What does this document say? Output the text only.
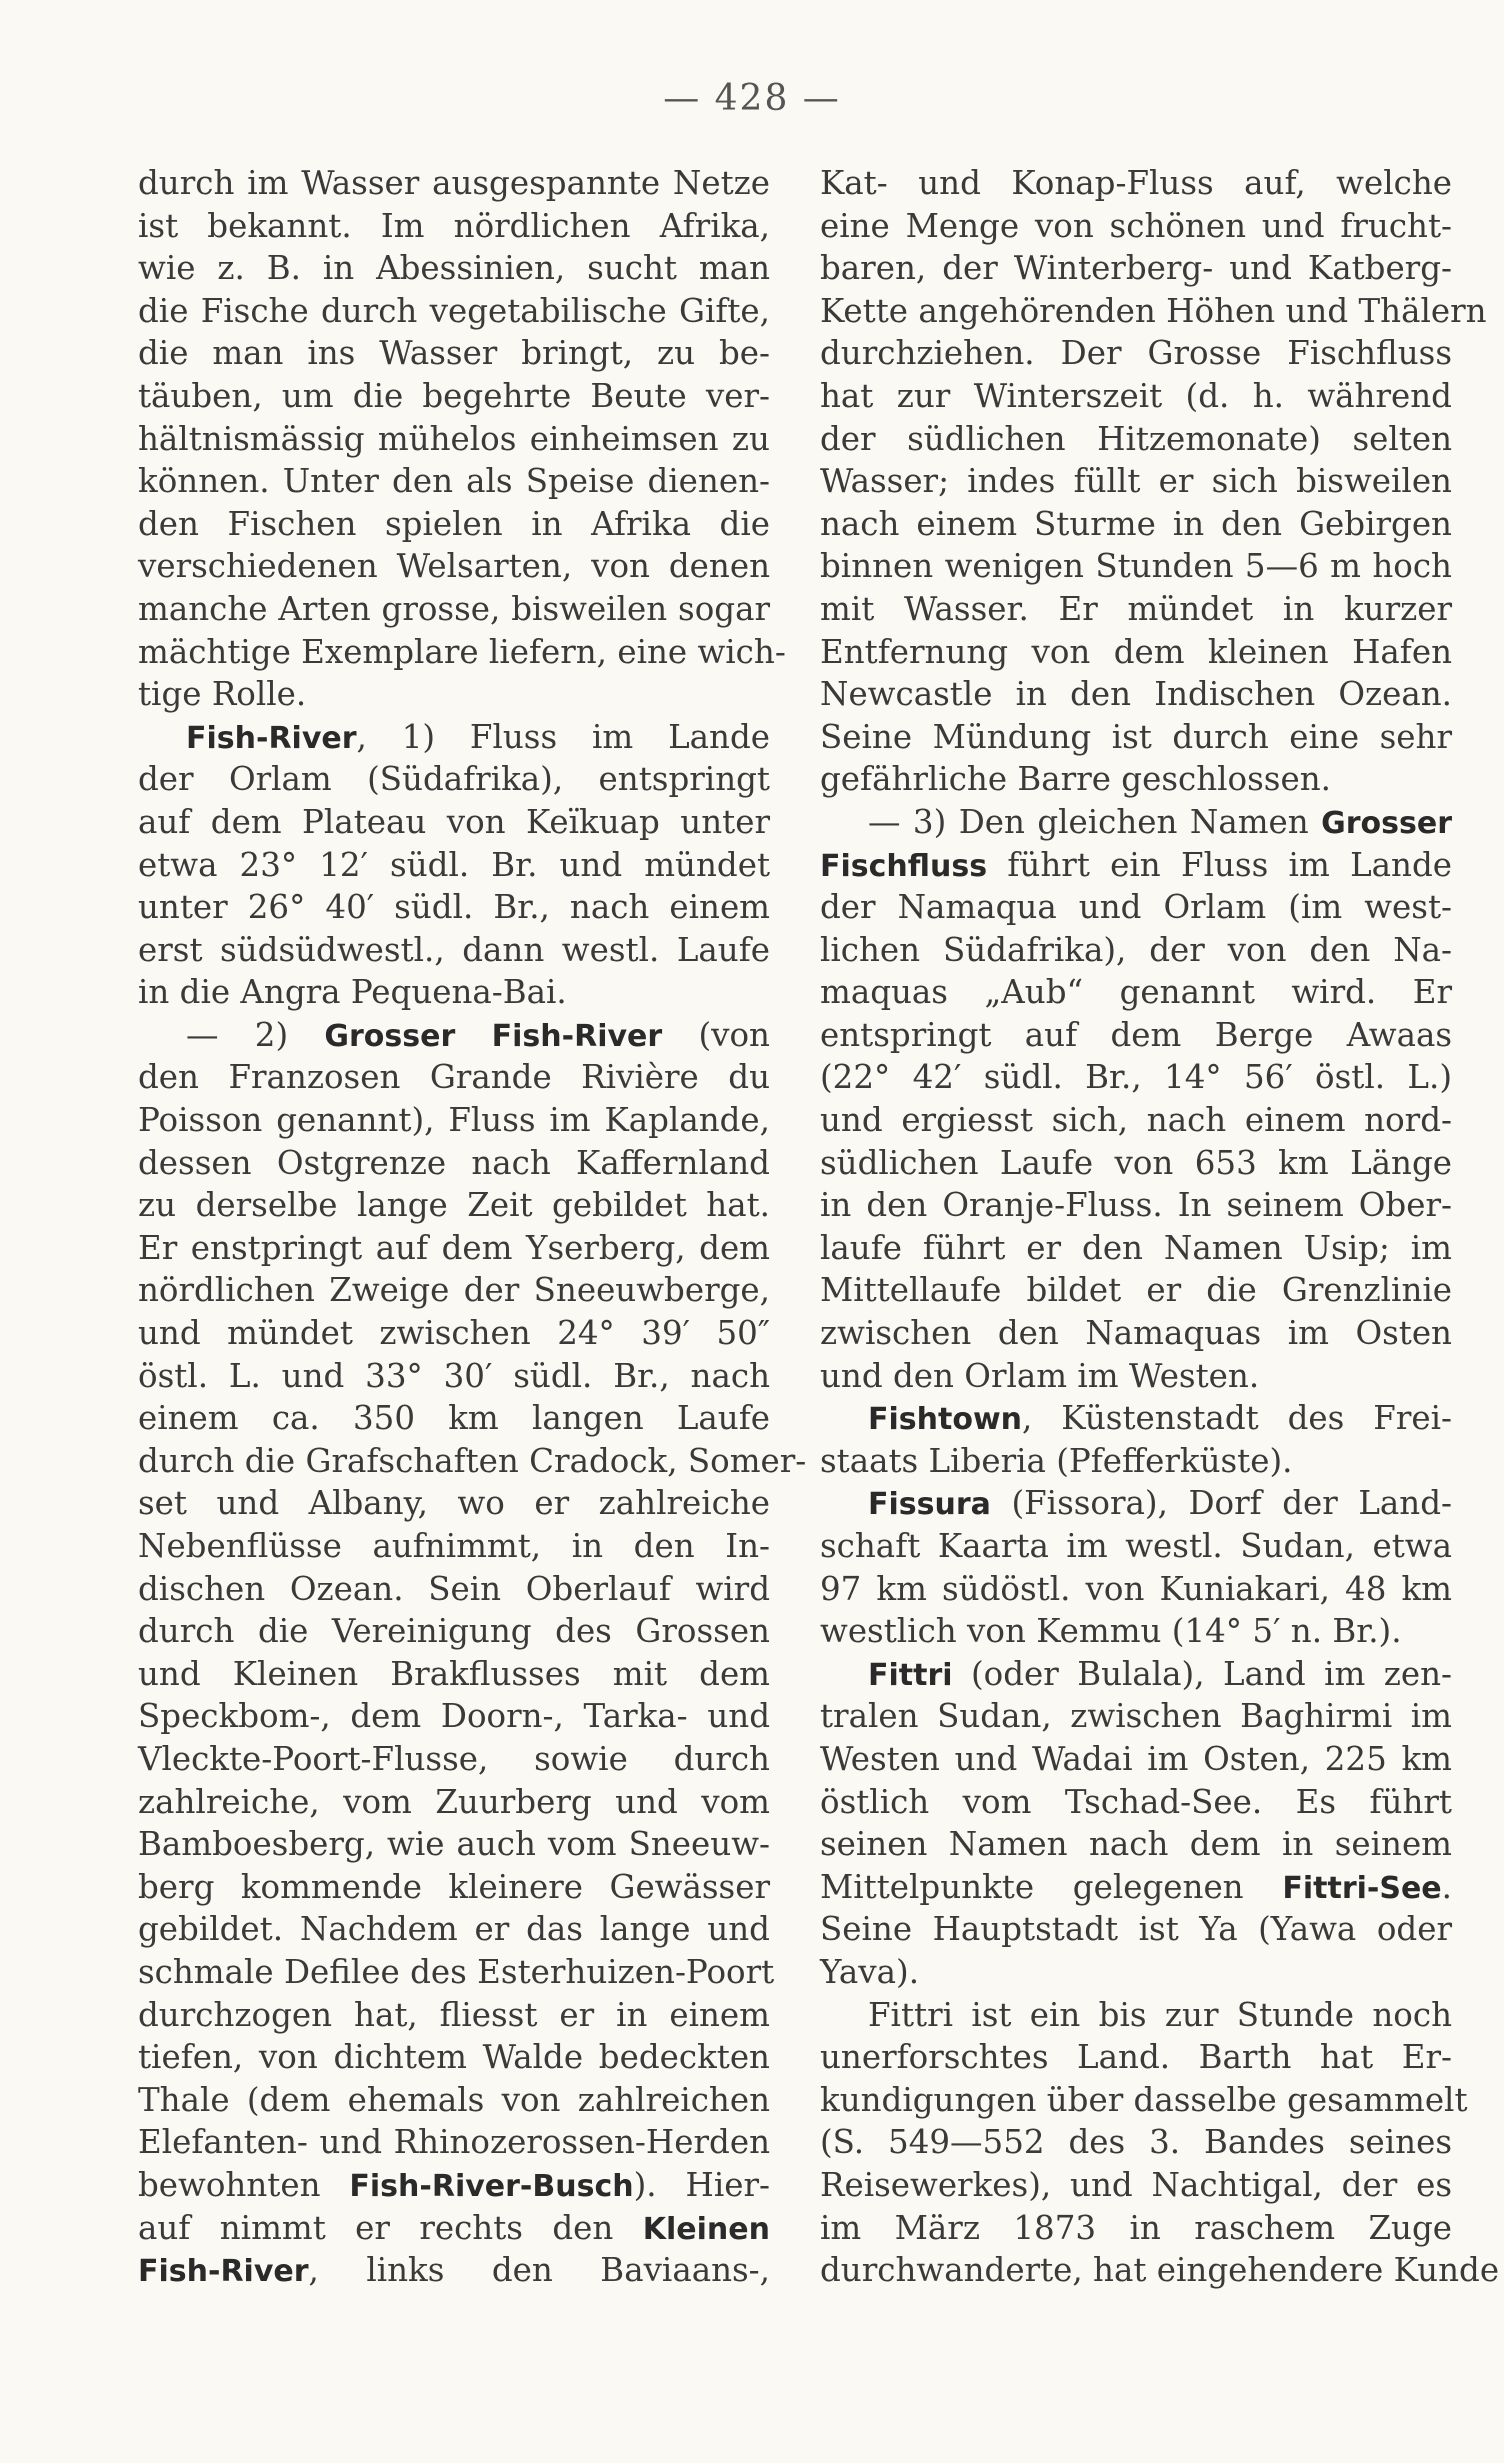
— 428 —
durch im Wasser ausgespannte Netze
ist bekannt. Im nördlichen Afrika,
wie z. B. in Abessinien, sucht man
die Fische durch vegetabilische Gifte,
die man ins Wasser bringt, zu be-
täuben, um die begehrte Beute ver-
hältnismässig mühelos einheimsen zu
können. Unter den als Speise dienen-
den Fischen spielen in Afrika die
verschiedenen Welsarten, von denen
manche Arten grosse, bisweilen sogar
mächtige Exemplare liefern, eine wich-
tige Rolle.
Fish-River, 1) Fluss im Lande
der Orlam (Südafrika), entspringt
auf dem Plateau von Keïkuap unter
etwa 23° 12′ südl. Br. und mündet
unter 26° 40′ südl. Br., nach einem
erst südsüdwestl., dann westl. Laufe
in die Angra Pequena-Bai.
— 2) Grosser Fish-River (von
den Franzosen Grande Rivière du
Poisson genannt), Fluss im Kaplande,
dessen Ostgrenze nach Kaffernland
zu derselbe lange Zeit gebildet hat.
Er enstpringt auf dem Yserberg, dem
nördlichen Zweige der Sneeuwberge,
und mündet zwischen 24° 39′ 50″
östl. L. und 33° 30′ südl. Br., nach
einem ca. 350 km langen Laufe
durch die Grafschaften Cradock, Somer-
set und Albany, wo er zahlreiche
Nebenflüsse aufnimmt, in den In-
dischen Ozean. Sein Oberlauf wird
durch die Vereinigung des Grossen
und Kleinen Brakflusses mit dem
Speckbom-, dem Doorn-, Tarka- und
Vleckte-Poort-Flusse, sowie durch
zahlreiche, vom Zuurberg und vom
Bamboesberg, wie auch vom Sneeuw-
berg kommende kleinere Gewässer
gebildet. Nachdem er das lange und
schmale Defilee des Esterhuizen-Poort
durchzogen hat, fliesst er in einem
tiefen, von dichtem Walde bedeckten
Thale (dem ehemals von zahlreichen
Elefanten- und Rhinozerossen-Herden
bewohnten Fish-River-Busch). Hier-
auf nimmt er rechts den Kleinen
Fish-River, links den Baviaans-,
Kat- und Konap-Fluss auf, welche
eine Menge von schönen und frucht-
baren, der Winterberg- und Katberg-
Kette angehörenden Höhen und Thälern
durchziehen. Der Grosse Fischfluss
hat zur Winterszeit (d. h. während
der südlichen Hitzemonate) selten
Wasser; indes füllt er sich bisweilen
nach einem Sturme in den Gebirgen
binnen wenigen Stunden 5—6 m hoch
mit Wasser. Er mündet in kurzer
Entfernung von dem kleinen Hafen
Newcastle in den Indischen Ozean.
Seine Mündung ist durch eine sehr
gefährliche Barre geschlossen.
— 3) Den gleichen Namen Grosser
Fischfluss führt ein Fluss im Lande
der Namaqua und Orlam (im west-
lichen Südafrika), der von den Na-
maquas „Aub“ genannt wird. Er
entspringt auf dem Berge Awaas
(22° 42′ südl. Br., 14° 56′ östl. L.)
und ergiesst sich, nach einem nord-
südlichen Laufe von 653 km Länge
in den Oranje-Fluss. In seinem Ober-
laufe führt er den Namen Usip; im
Mittellaufe bildet er die Grenzlinie
zwischen den Namaquas im Osten
und den Orlam im Westen.
Fishtown, Küstenstadt des Frei-
staats Liberia (Pfefferküste).
Fissura (Fissora), Dorf der Land-
schaft Kaarta im westl. Sudan, etwa
97 km südöstl. von Kuniakari, 48 km
westlich von Kemmu (14° 5′ n. Br.).
Fittri (oder Bulala), Land im zen-
tralen Sudan, zwischen Baghirmi im
Westen und Wadai im Osten, 225 km
östlich vom Tschad-See. Es führt
seinen Namen nach dem in seinem
Mittelpunkte gelegenen Fittri-See.
Seine Hauptstadt ist Ya (Yawa oder
Yava).
Fittri ist ein bis zur Stunde noch
unerforschtes Land. Barth hat Er-
kundigungen über dasselbe gesammelt
(S. 549—552 des 3. Bandes seines
Reisewerkes), und Nachtigal, der es
im März 1873 in raschem Zuge
durchwanderte, hat eingehendere Kunde
